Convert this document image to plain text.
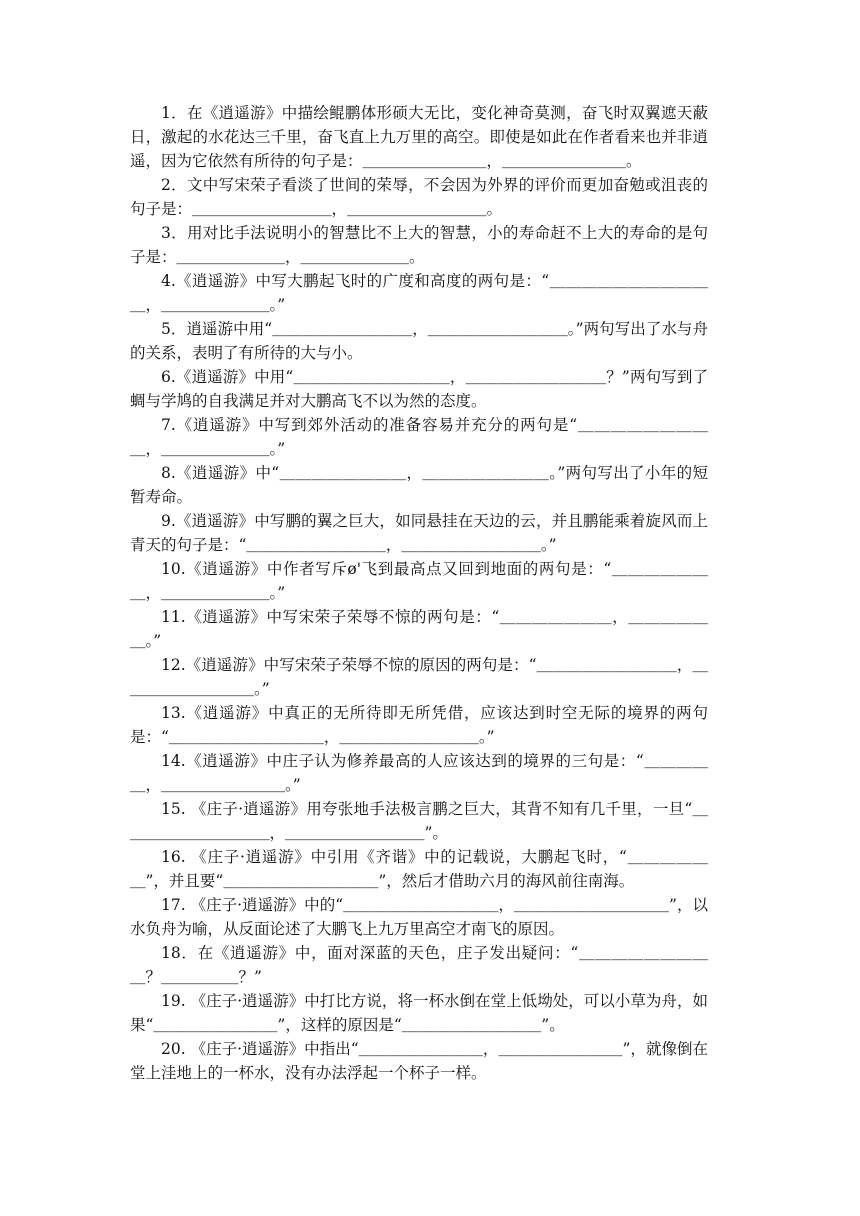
1．在《逍遥游》中描绘鲲鹏体形硕大无比，变化神奇莫测，奋飞时双翼遮天蔽日，激起的水花达三千里，奋飞直上九万里的高空。即使是如此在作者看来也并非逍遥，因为它依然有所待的句子是：＿＿＿＿＿＿＿＿，＿＿＿＿＿＿＿＿。

2．文中写宋荣子看淡了世间的荣辱，不会因为外界的评价而更加奋勉或沮丧的句子是：＿＿＿＿＿＿＿＿＿，＿＿＿＿＿＿＿＿＿。

3．用对比手法说明小的智慧比不上大的智慧，小的寿命赶不上大的寿命的是句子是：＿＿＿＿＿＿＿，＿＿＿＿＿＿＿。

4.《逍遥游》中写大鹏起飞时的广度和高度的两句是：“＿＿＿＿＿＿＿＿＿＿＿，＿＿＿＿＿＿＿。”

5．逍遥游中用“＿＿＿＿＿＿＿＿＿，＿＿＿＿＿＿＿＿＿。”两句写出了水与舟的关系，表明了有所待的大与小。

6.《逍遥游》中用“＿＿＿＿＿＿＿＿＿＿，＿＿＿＿＿＿＿＿＿？”两句写到了蜩与学鸠的自我满足并对大鹏高飞不以为然的态度。

7.《逍遥游》中写到郊外活动的准备容易并充分的两句是“＿＿＿＿＿＿＿＿＿，＿＿＿＿＿＿＿。”

8.《逍遥游》中“＿＿＿＿＿＿＿＿，＿＿＿＿＿＿＿＿。”两句写出了小年的短暂寿命。

9.《逍遥游》中写鹏的翼之巨大，如同悬挂在天边的云，并且鹏能乘着旋风而上青天的句子是：“＿＿＿＿＿＿＿＿＿，＿＿＿＿＿＿＿＿＿。”

10.《逍遥游》中作者写斥ø'飞到最高点又回到地面的两句是：“＿＿＿＿＿＿＿，＿＿＿＿＿＿＿。”

11.《逍遥游》中写宋荣子荣辱不惊的两句是：“＿＿＿＿＿＿＿，＿＿＿＿＿＿。”

12.《逍遥游》中写宋荣子荣辱不惊的原因的两句是：“＿＿＿＿＿＿＿＿＿，＿＿＿＿＿＿＿＿＿。”

13.《逍遥游》中真正的无所待即无所凭借，应该达到时空无际的境界的两句是：“＿＿＿＿＿＿＿＿＿＿，＿＿＿＿＿＿＿＿＿。”

14.《逍遥游》中庄子认为修养最高的人应该达到的境界的三句是：“＿＿＿＿＿，＿＿＿＿＿＿＿＿。”

15. 《庄子·逍遥游》用夸张地手法极言鹏之巨大，其背不知有几千里，一旦“＿＿＿＿＿＿＿＿＿＿，＿＿＿＿＿＿＿＿＿”。

16. 《庄子·逍遥游》中引用《齐谐》中的记载说，大鹏起飞时，“＿＿＿＿＿＿”，并且要“＿＿＿＿＿＿＿＿＿＿”，然后才借助六月的海风前往南海。

17. 《庄子·逍遥游》中的“＿＿＿＿＿＿＿＿＿＿，＿＿＿＿＿＿＿＿＿＿”，以水负舟为喻，从反面论述了大鹏飞上九万里高空才南飞的原因。

18．在《逍遥游》中，面对深蓝的天色，庄子发出疑问：“＿＿＿＿＿＿＿＿＿？＿＿＿＿＿？”

19. 《庄子·逍遥游》中打比方说，将一杯水倒在堂上低坳处，可以小草为舟，如果“＿＿＿＿＿＿＿＿”，这样的原因是“＿＿＿＿＿＿＿＿＿”。

20. 《庄子·逍遥游》中指出“＿＿＿＿＿＿＿＿，＿＿＿＿＿＿＿＿”，就像倒在堂上洼地上的一杯水，没有办法浮起一个杯子一样。
